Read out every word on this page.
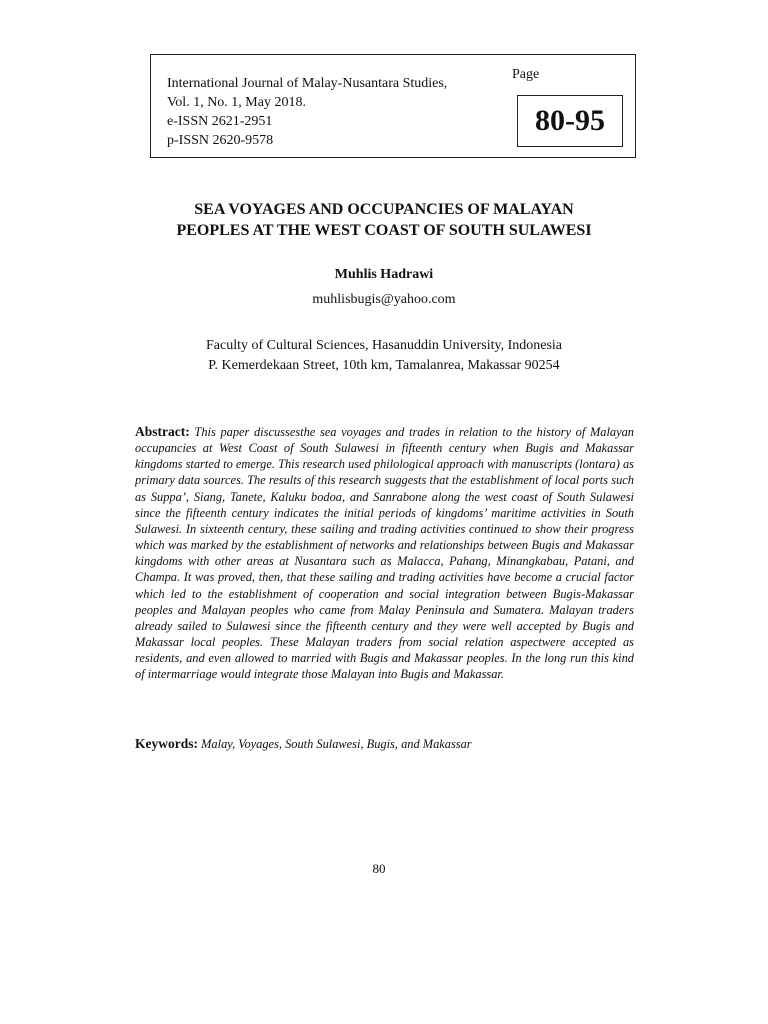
International Journal of Malay-Nusantara Studies,
Vol. 1, No. 1, May 2018.
e-ISSN 2621-2951
p-ISSN 2620-9578
Page
80-95
SEA VOYAGES AND OCCUPANCIES OF MALAYAN
PEOPLES AT THE WEST COAST OF SOUTH SULAWESI
Muhlis Hadrawi
muhlisbugis@yahoo.com
Faculty of Cultural Sciences, Hasanuddin University, Indonesia
P. Kemerdekaan Street, 10th km, Tamalanrea, Makassar 90254
Abstract: This paper discussesthe sea voyages and trades in relation to the history of Malayan occupancies at West Coast of South Sulawesi in fifteenth century when Bugis and Makassar kingdoms started to emerge. This research used philological approach with manuscripts (lontara) as primary data sources. The results of this research suggests that the establishment of local ports such as Suppa’, Siang, Tanete, Kaluku bodoa, and Sanrabone along the west coast of South Sulawesi since the fifteenth century indicates the initial periods of kingdoms’ maritime activities in South Sulawesi. In sixteenth century, these sailing and trading activities continued to show their progress which was marked by the establishment of networks and relationships between Bugis and Makassar kingdoms with other areas at Nusantara such as Malacca, Pahang, Minangkabau, Patani, and Champa. It was proved, then, that these sailing and trading activities have become a crucial factor which led to the establishment of cooperation and social integration between Bugis-Makassar peoples and Malayan peoples who came from Malay Peninsula and Sumatera. Malayan traders already sailed to Sulawesi since the fifteenth century and they were well accepted by Bugis and Makassar local peoples. These Malayan traders from social relation aspectwere accepted as residents, and even allowed to married with Bugis and Makassar peoples. In the long run this kind of intermarriage would integrate those Malayan into Bugis and Makassar.
Keywords: Malay, Voyages, South Sulawesi, Bugis, and Makassar
80
